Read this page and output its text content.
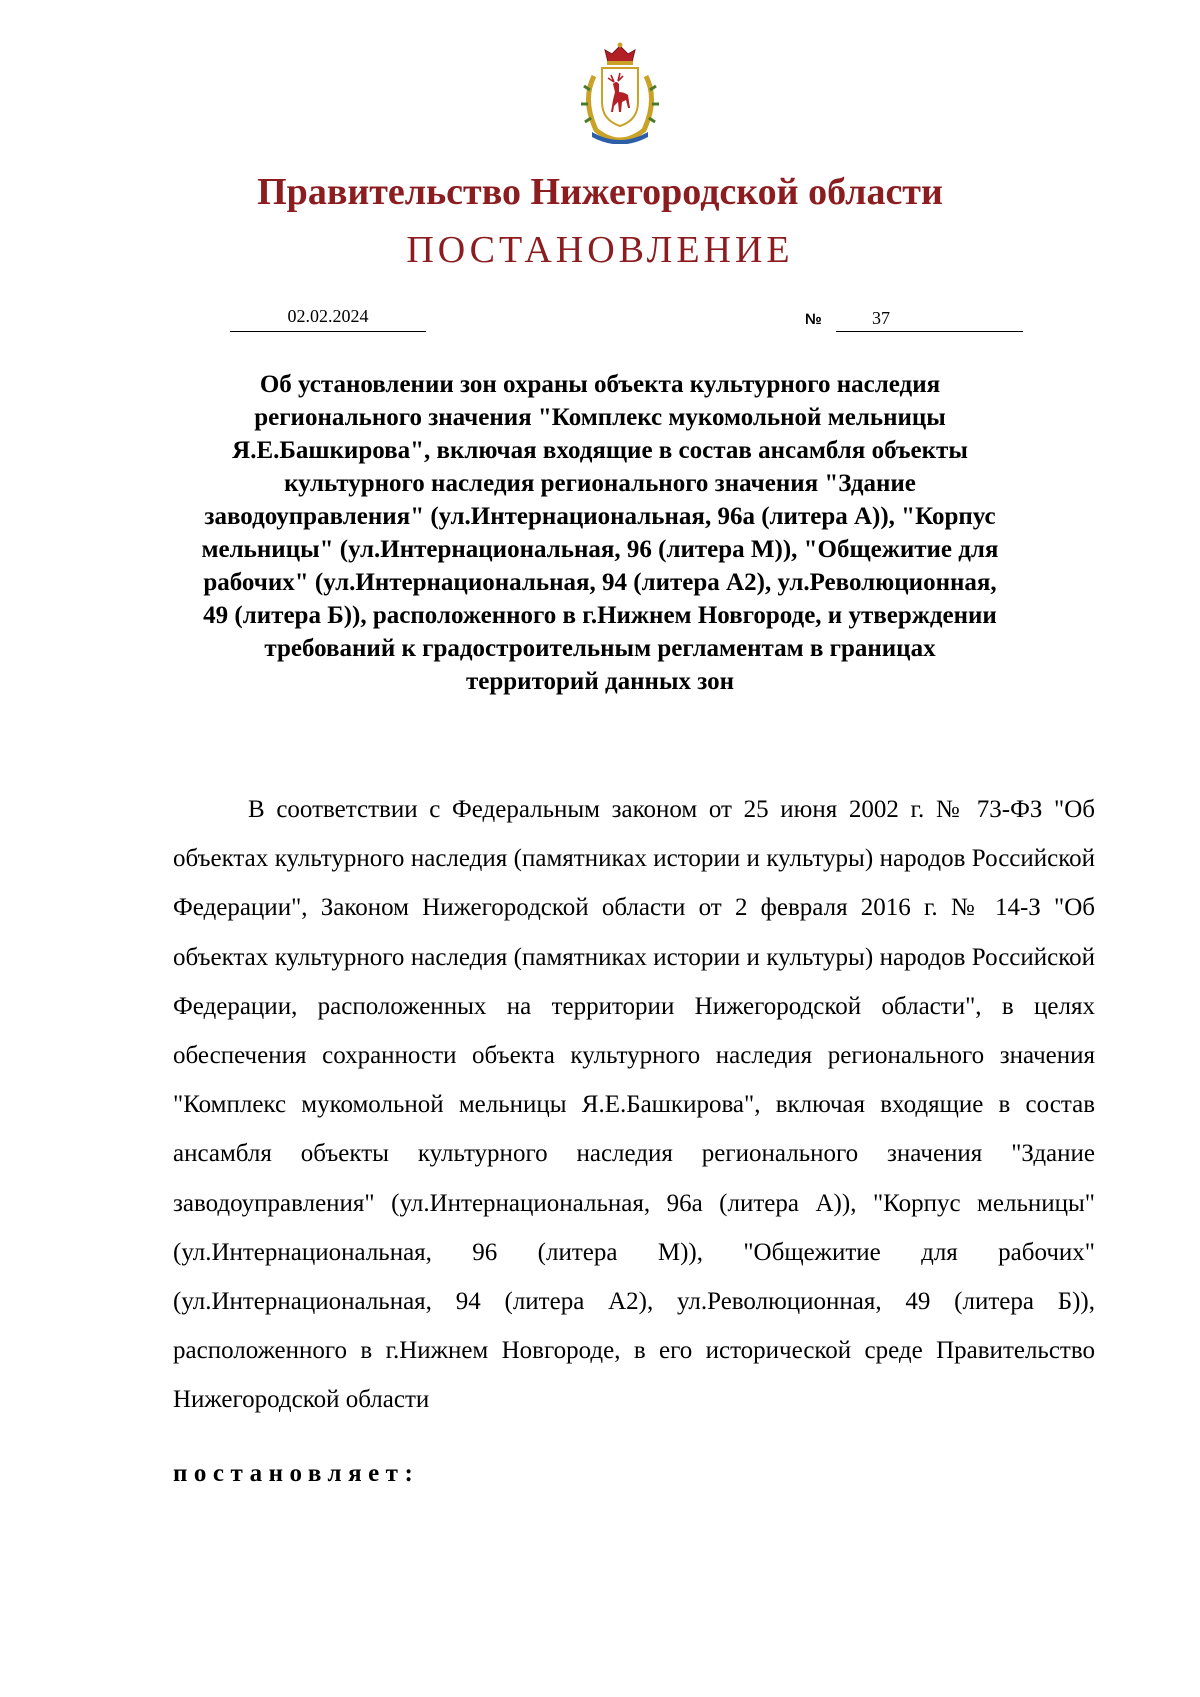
Правительство Нижегородской области
ПОСТАНОВЛЕНИЕ
02.02.2024	№	37

Об установлении зон охраны объекта культурного наследия регионального значения "Комплекс мукомольной мельницы Я.Е.Башкирова", включая входящие в состав ансамбля объекты культурного наследия регионального значения "Здание заводоуправления" (ул.Интернациональная, 96а (литера А)), "Корпус мельницы" (ул.Интернациональная, 96 (литера М)), "Общежитие для рабочих" (ул.Интернациональная, 94 (литера А2), ул.Революционная, 49 (литера Б)), расположенного в г.Нижнем Новгороде, и утверждении требований к градостроительным регламентам в границах территорий данных зон

В соответствии с Федеральным законом от 25 июня 2002 г. № 73-ФЗ "Об объектах культурного наследия (памятниках истории и культуры) народов Российской Федерации", Законом Нижегородской области от 2 февраля 2016 г. № 14-З "Об объектах культурного наследия (памятниках истории и культуры) народов Российской Федерации, расположенных на территории Нижегородской области", в целях обеспечения сохранности объекта культурного наследия регионального значения "Комплекс мукомольной мельницы Я.Е.Башкирова", включая входящие в состав ансамбля объекты культурного наследия регионального значения "Здание заводоуправления" (ул.Интернациональная, 96а (литера А)), "Корпус мельницы" (ул.Интернациональная, 96 (литера М)), "Общежитие для рабочих" (ул.Интернациональная, 94 (литера А2), ул.Революционная, 49 (литера Б)), расположенного в г.Нижнем Новгороде, в его исторической среде Правительство Нижегородской области

постановляет:
